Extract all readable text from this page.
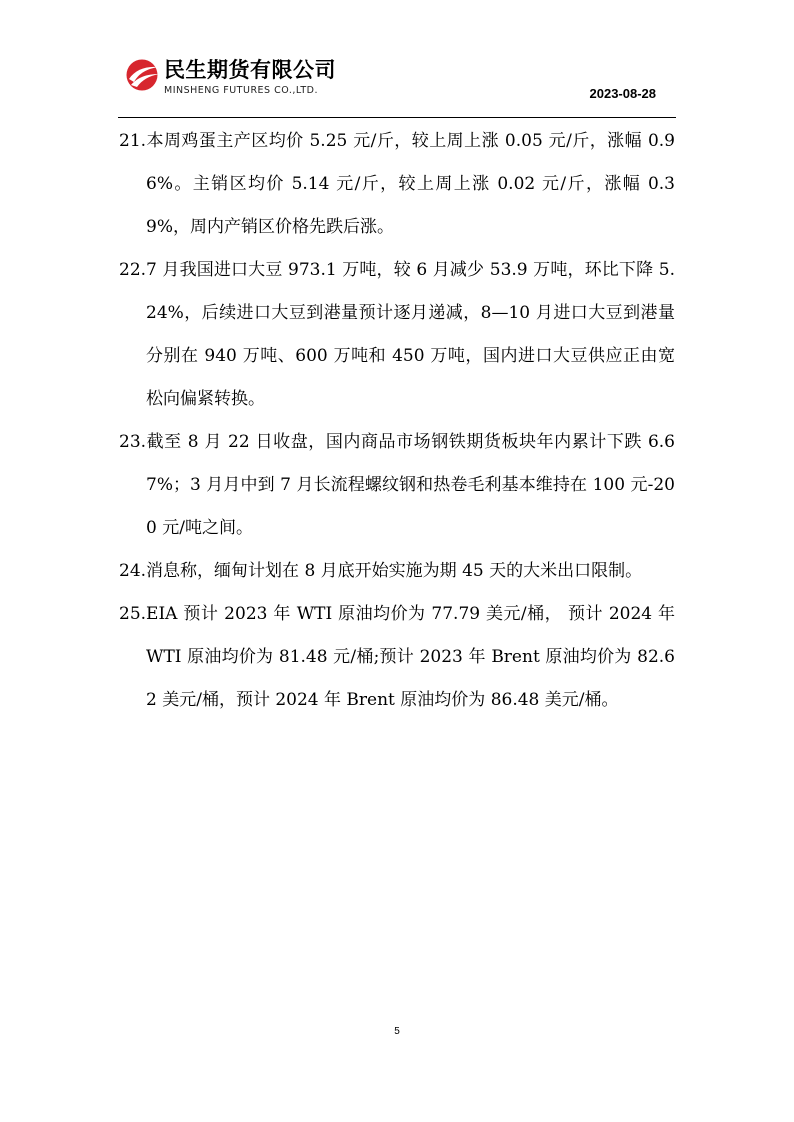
民生期货有限公司
MINSHENG FUTURES CO.,LTD.	2023-08-28

21.本周鸡蛋主产区均价 5.25 元/斤，较上周上涨 0.05 元/斤，涨幅 0.96%。主销区均价 5.14 元/斤，较上周上涨 0.02 元/斤，涨幅 0.39%，周内产销区价格先跌后涨。

22.7 月我国进口大豆 973.1 万吨，较 6 月减少 53.9 万吨，环比下降 5.24%，后续进口大豆到港量预计逐月递减，8—10 月进口大豆到港量分别在 940 万吨、600 万吨和 450 万吨，国内进口大豆供应正由宽松向偏紧转换。

23.截至 8 月 22 日收盘，国内商品市场钢铁期货板块年内累计下跌 6.67%；3 月月中到 7 月长流程螺纹钢和热卷毛利基本维持在 100 元-200 元/吨之间。

24.消息称，缅甸计划在 8 月底开始实施为期 45 天的大米出口限制。

25.EIA 预计 2023 年 WTI 原油均价为 77.79 美元/桶， 预计 2024 年 WTI 原油均价为 81.48 元/桶;预计 2023 年 Brent 原油均价为 82.62 美元/桶，预计 2024 年 Brent 原油均价为 86.48 美元/桶。

5
